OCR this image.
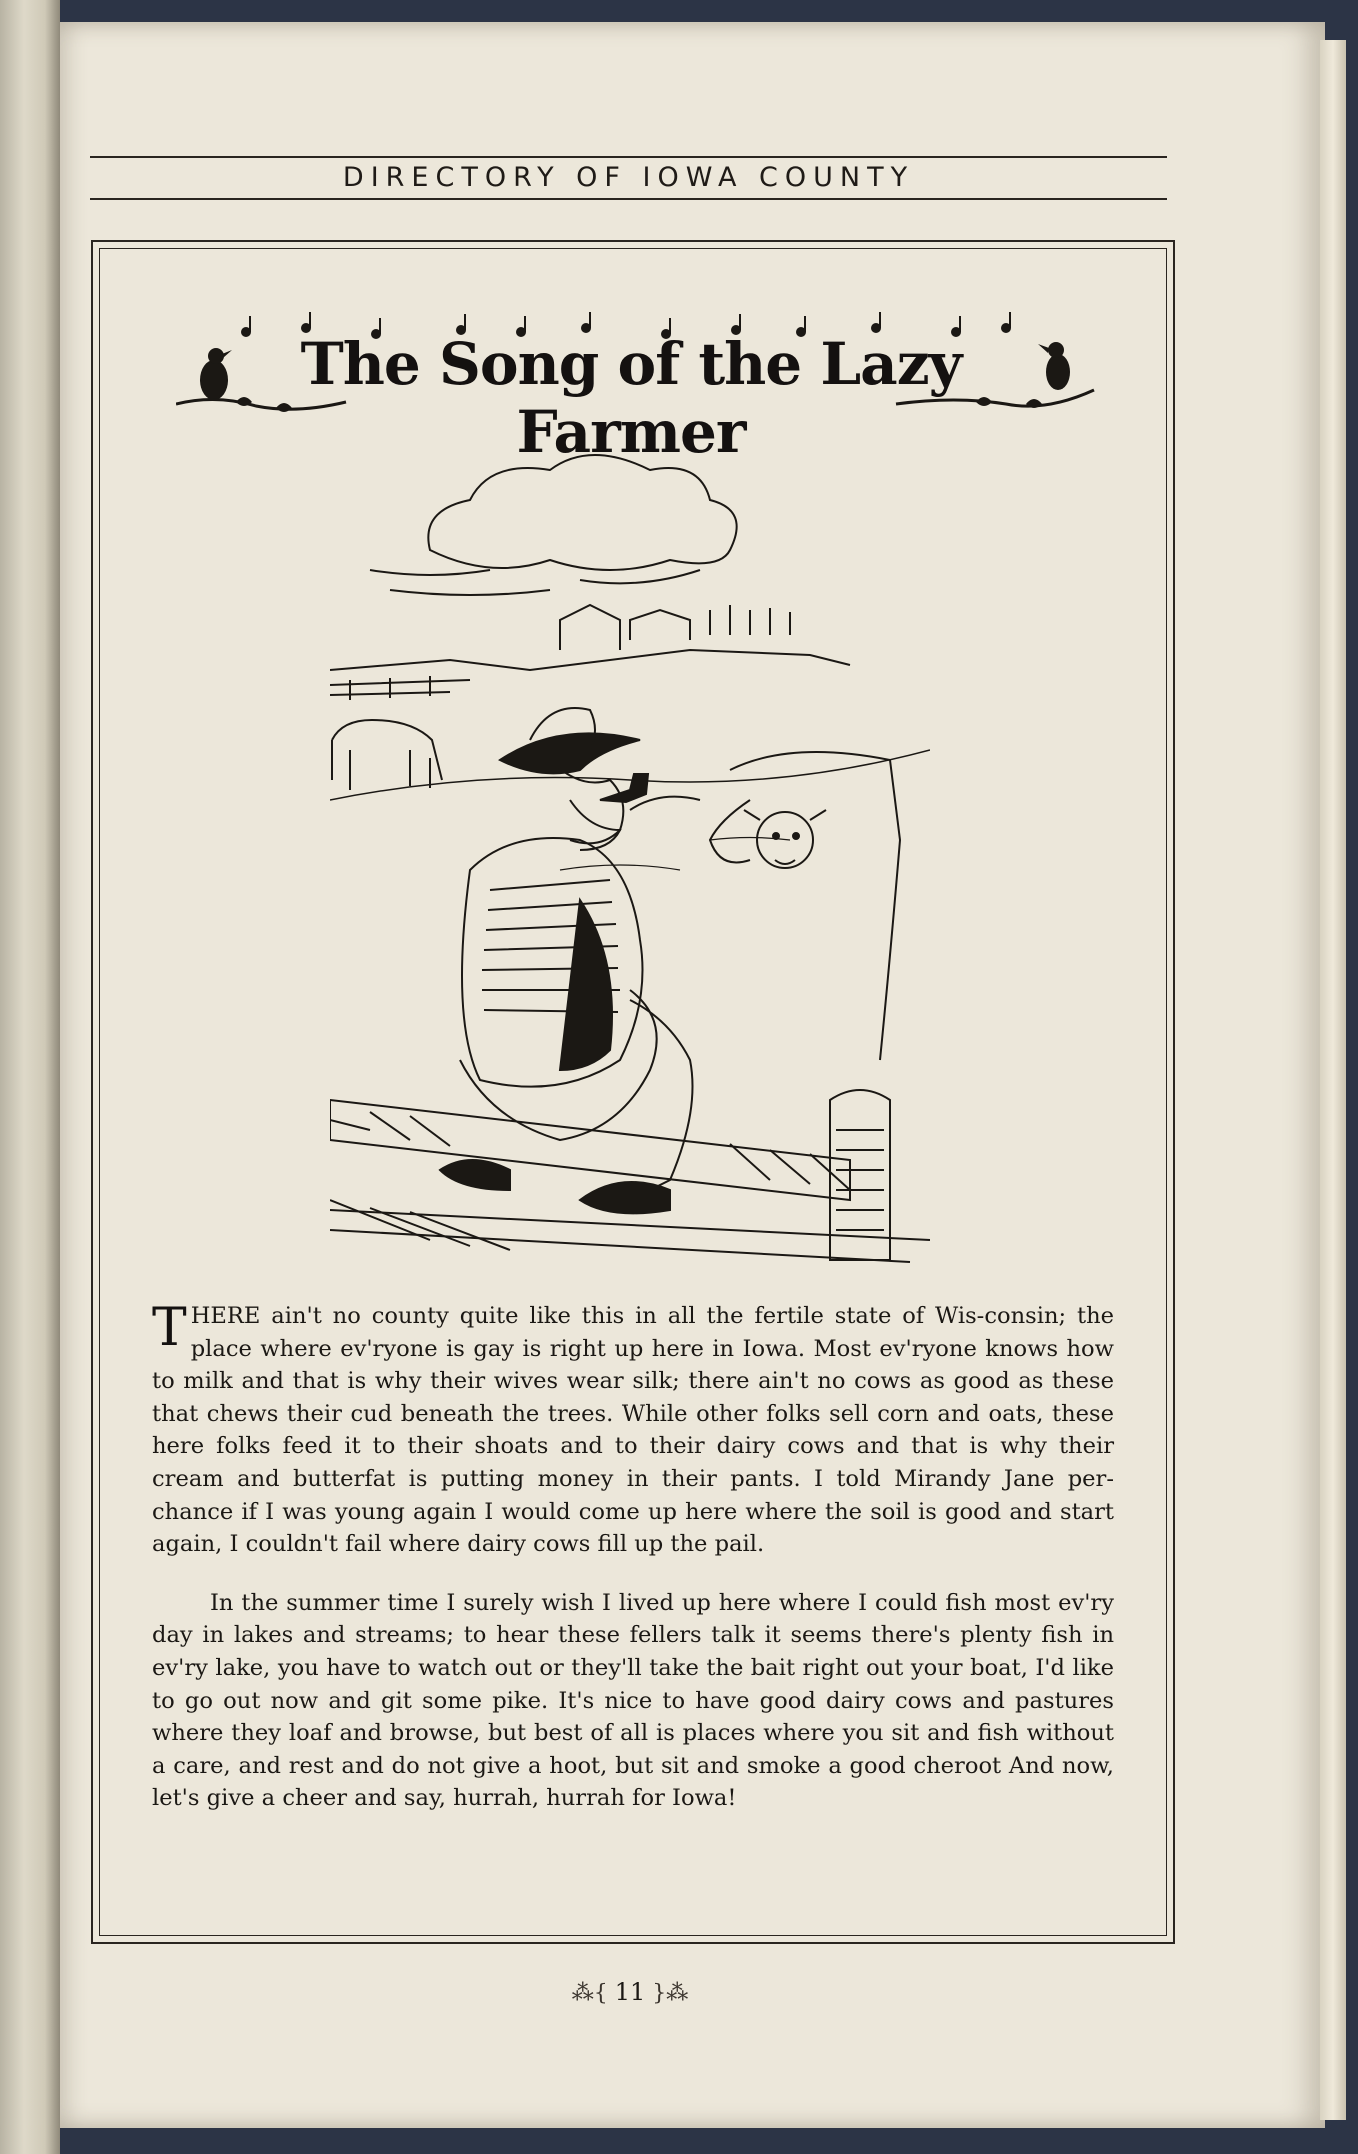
DIRECTORY OF IOWA COUNTY
The Song of the Lazy Farmer

THERE ain't no county quite like this in all the fertile state of Wis-consin; the place where ev'ryone is gay is right up here in Iowa. Most ev'ryone knows how to milk and that is why their wives wear silk; there ain't no cows as good as these that chews their cud beneath the trees. While other folks sell corn and oats, these here folks feed it to their shoats and to their dairy cows and that is why their cream and butterfat is putting money in their pants. I told Mirandy Jane per-chance if I was young again I would come up here where the soil is good and start again, I couldn't fail where dairy cows fill up the pail.

In the summer time I surely wish I lived up here where I could fish most ev'ry day in lakes and streams; to hear these fellers talk it seems there's plenty fish in ev'ry lake, you have to watch out or they'll take the bait right out your boat, I'd like to go out now and git some pike. It's nice to have good dairy cows and pastures where they loaf and browse, but best of all is places where you sit and fish without a care, and rest and do not give a hoot, but sit and smoke a good cheroot And now, let's give a cheer and say, hurrah, hurrah for Iowa!

⁂{ 11 }⁂
